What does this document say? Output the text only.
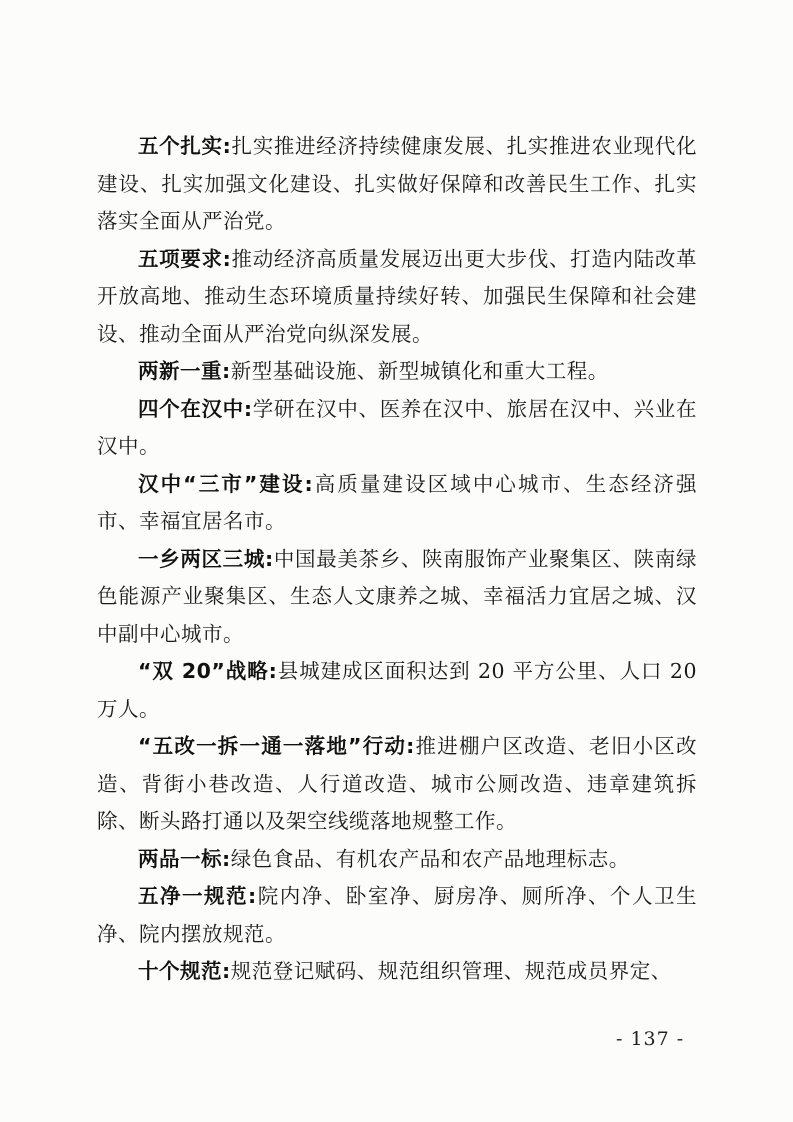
五个扎实:扎实推进经济持续健康发展、扎实推进农业现代化建设、扎实加强文化建设、扎实做好保障和改善民生工作、扎实落实全面从严治党。

五项要求:推动经济高质量发展迈出更大步伐、打造内陆改革开放高地、推动生态环境质量持续好转、加强民生保障和社会建设、推动全面从严治党向纵深发展。

两新一重:新型基础设施、新型城镇化和重大工程。

四个在汉中:学研在汉中、医养在汉中、旅居在汉中、兴业在汉中。

汉中“三市”建设:高质量建设区域中心城市、生态经济强市、幸福宜居名市。

一乡两区三城:中国最美茶乡、陕南服饰产业聚集区、陕南绿色能源产业聚集区、生态人文康养之城、幸福活力宜居之城、汉中副中心城市。

“双 20”战略:县城建成区面积达到 20 平方公里、人口 20 万人。

“五改一拆一通一落地”行动:推进棚户区改造、老旧小区改造、背街小巷改造、人行道改造、城市公厕改造、违章建筑拆除、断头路打通以及架空线缆落地规整工作。

两品一标:绿色食品、有机农产品和农产品地理标志。

五净一规范:院内净、卧室净、厨房净、厕所净、个人卫生净、院内摆放规范。

十个规范:规范登记赋码、规范组织管理、规范成员界定、

- 137 -
